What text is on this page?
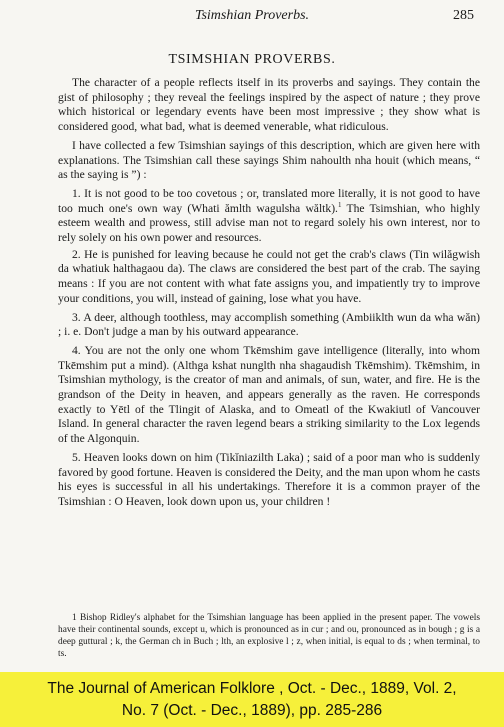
Tsimshian Proverbs.	285
TSIMSHIAN PROVERBS.

The character of a people reflects itself in its proverbs and sayings. They contain the gist of philosophy ; they reveal the feelings inspired by the aspect of nature ; they prove which historical or legendary events have been most impressive ; they show what is considered good, what bad, what is deemed venerable, what ridiculous.

I have collected a few Tsimshian sayings of this description, which are given here with explanations. The Tsimshian call these sayings Shim nahoulth nha houit (which means, “ as the saying is ”) :

1. It is not good to be too covetous ; or, translated more literally, it is not good to have too much one's own way (Whati ămlth wagulsha wăltk).$^1$ The Tsimshian, who highly esteem wealth and prowess, still advise man not to regard solely his own interest, nor to rely solely on his own power and resources.

2. He is punished for leaving because he could not get the crab's claws (Tin wilăgwish da whatiuk halthagaou da). The claws are considered the best part of the crab. The saying means : If you are not content with what fate assigns you, and impatiently try to improve your conditions, you will, instead of gaining, lose what you have.

3. A deer, although toothless, may accomplish something (Ambiiklth wun da wha wăn) ; i. e. Don't judge a man by his outward appearance.

4. You are not the only one whom Tkēmshim gave intelligence (literally, into whom Tkēmshim put a mind). (Althga kshat nunglth nha shagaudish Tkēmshim). Tkēmshim, in Tsimshian mythology, is the creator of man and animals, of sun, water, and fire. He is the grandson of the Deity in heaven, and appears generally as the raven. He corresponds exactly to Yētl of the Tlingit of Alaska, and to Omeatl of the Kwakiutl of Vancouver Island. In general character the raven legend bears a striking similarity to the Lox legends of the Algonquin.

5. Heaven looks down on him (Tikĭniazilth Laka) ; said of a poor man who is suddenly favored by good fortune. Heaven is considered the Deity, and the man upon whom he casts his eyes is successful in all his undertakings. Therefore it is a common prayer of the Tsimshian : O Heaven, look down upon us, your children !

1 Bishop Ridley's alphabet for the Tsimshian language has been applied in the present paper. The vowels have their continental sounds, except u, which is pronounced as in cur ; and ou, pronounced as in bough ; g is a deep guttural ; k, the German ch in Buch ; lth, an explosive l ; z, when initial, is equal to ds ; when terminal, to ts.

The Journal of American Folklore , Oct. - Dec., 1889, Vol. 2,
No. 7 (Oct. - Dec., 1889), pp. 285-286
